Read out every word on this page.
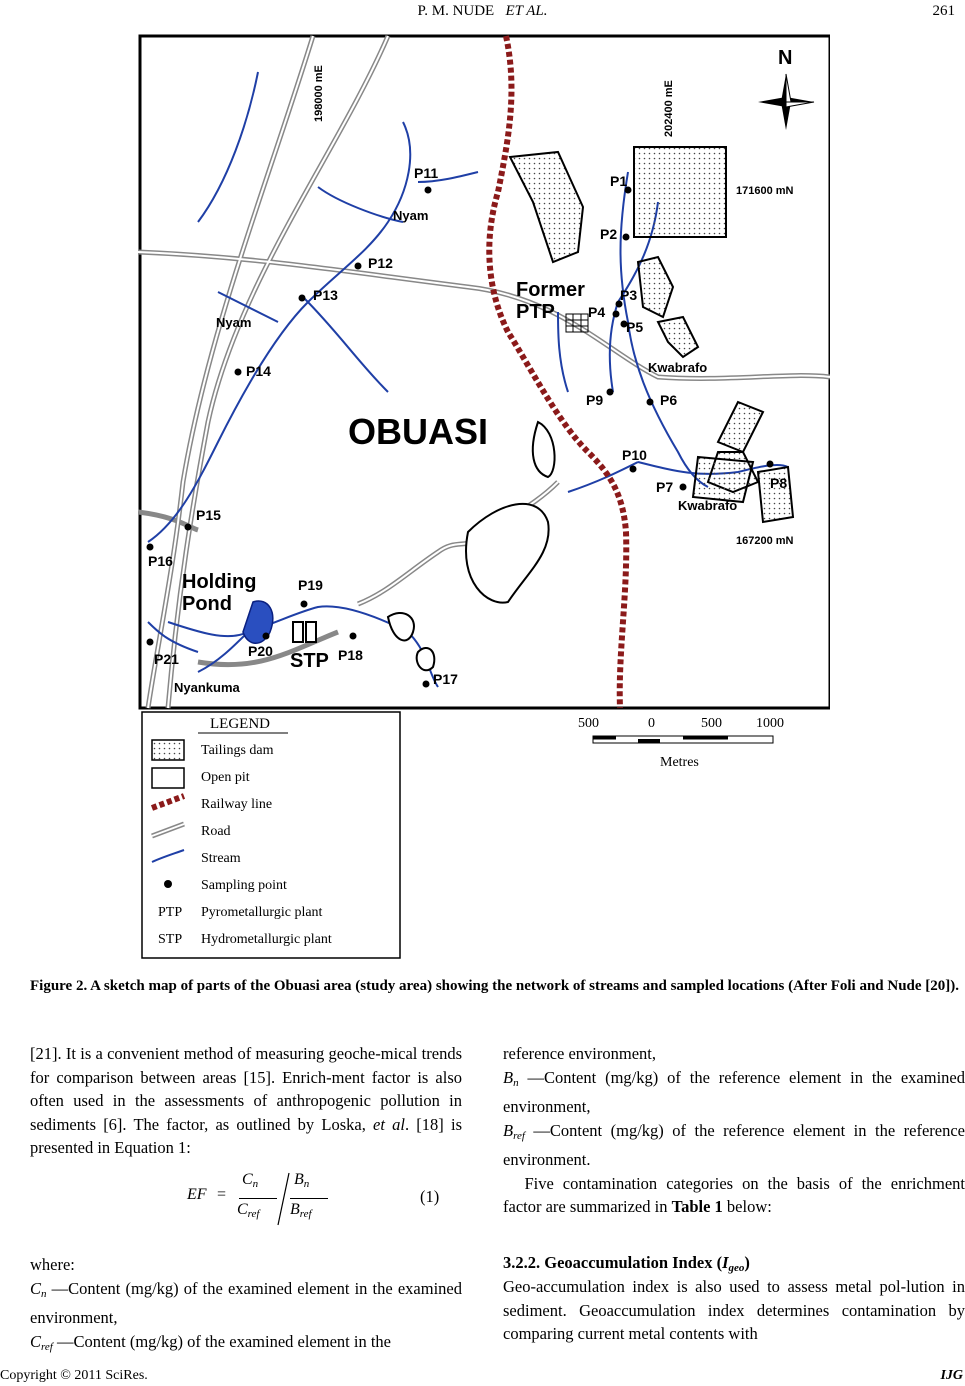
P. M. NUDE ET AL.	261
198000 mE	202400 mE
171600 mN
167200 mN
N
OBUASI
Former
PTP
Holding
Pond
STP
Nyam
Nyam
Kwabrafo
Kwabrafo
Nyankuma
P1
P2
P3
P4
P5
P6
P7	P8
P9
P10
P11
P12
P13
P14
P15
P16
P17
P18
P19
P20
P21
LEGEND
Tailings dam
Open pit
Railway line
Road
Stream
Sampling point
PTP Pyrometallurgic plant
STP Hydrometallurgic plant
500	0	500 1000
Metres
Figure 2. A sketch map of parts of the Obuasi area (study area) showing the network of streams and sampled locations (After Foli and Nude [20]).

[21]. It is a convenient method of measuring geoche-mical trends for comparison between areas [15]. Enrich-ment factor is also often used in the assessments of anthropogenic pollution in sediments [6]. The factor, as outlined by Loska, et al. [18] is presented in Equation 1:

EF =
$C_n$ $B_n$
$C_{ref}$ $B_{ref}$
(1)

where:

$C_n$ —Content (mg/kg) of the examined element in the examined environment,

$C_{ref}$ —Content (mg/kg) of the examined element in the

reference environment,

$B_n$ —Content (mg/kg) of the reference element in the examined environment,

$B_{ref}$ —Content (mg/kg) of the reference element in the reference environment.

Five contamination categories on the basis of the enrichment factor are summarized in Table 1 below:

3.2.2. Geoaccumulation Index $(I_{geo})$
Geo-accumulation index is also used to assess metal pol-lution in sediment. Geoaccumulation index determines contamination by comparing current metal contents with
Copyright © 2011 SciRes.	IJG
